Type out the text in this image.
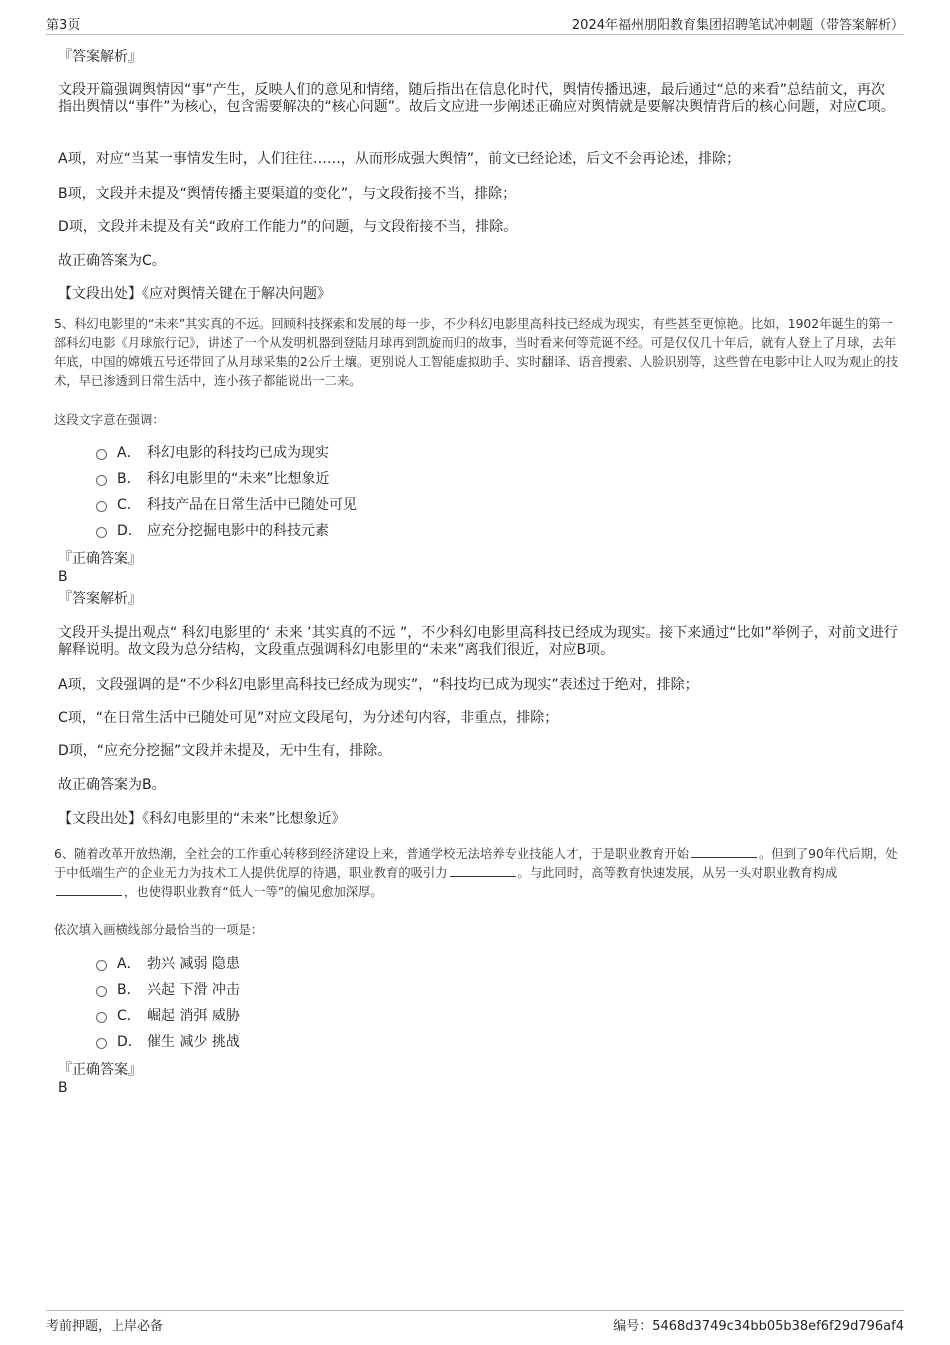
第3页	2024年福州朋阳教育集团招聘笔试冲刺题（带答案解析）
『答案解析』
文段开篇强调舆情因“事”产生，反映人们的意见和情绪，随后指出在信息化时代，舆情传播迅速，最后通过“总的来看”总结前文，再次指出舆情以“事件”为核心，包含需要解决的“核心问题”。故后文应进一步阐述正确应对舆情就是要解决舆情背后的核心问题，对应C项。
A项，对应“当某一事情发生时，人们往往……，从而形成强大舆情”，前文已经论述，后文不会再论述，排除；
B项，文段并未提及“舆情传播主要渠道的变化”，与文段衔接不当，排除；
D项，文段并未提及有关“政府工作能力”的问题，与文段衔接不当，排除。
故正确答案为C。
【文段出处】《应对舆情关键在于解决问题》
5、科幻电影里的“未来”其实真的不远。回顾科技探索和发展的每一步，不少科幻电影里高科技已经成为现实，有些甚至更惊艳。比如，1902年诞生的第一部科幻电影《月球旅行记》，讲述了一个从发明机器到登陆月球再到凯旋而归的故事，当时看来何等荒诞不经。可是仅仅几十年后，就有人登上了月球，去年年底，中国的嫦娥五号还带回了从月球采集的2公斤土壤。更别说人工智能虚拟助手、实时翻译、语音搜索、人脸识别等，这些曾在电影中让人叹为观止的技术，早已渗透到日常生活中，连小孩子都能说出一二来。
这段文字意在强调：
A． 科幻电影的科技均已成为现实
B． 科幻电影里的“未来”比想象近
C． 科技产品在日常生活中已随处可见
D． 应充分挖掘电影中的科技元素
『正确答案』
B
『答案解析』
文段开头提出观点“ 科幻电影里的‘ 未来 ’其实真的不远 ”，不少科幻电影里高科技已经成为现实。接下来通过“比如”举例子，对前文进行解释说明。故文段为总分结构，文段重点强调科幻电影里的“未来”离我们很近，对应B项。
A项，文段强调的是“不少科幻电影里高科技已经成为现实”，“科技均已成为现实”表述过于绝对，排除；
C项，“在日常生活中已随处可见”对应文段尾句，为分述句内容，非重点，排除；
D项，“应充分挖掘”文段并未提及，无中生有，排除。
故正确答案为B。
【文段出处】《科幻电影里的“未来”比想象近》
6、随着改革开放热潮，全社会的工作重心转移到经济建设上来，普通学校无法培养专业技能人才，于是职业教育开始	。但到了90年代后期，处于中低端生产的企业无力为技术工人提供优厚的待遇，职业教育的吸引力	。与此同时，高等教育快速发展，从另一头对职业教育构成，也使得职业教育“低人一等”的偏见愈加深厚。
依次填入画横线部分最恰当的一项是：
A． 勃兴 减弱 隐患
B． 兴起 下滑 冲击
C． 崛起 消弭 威胁
D． 催生 减少 挑战
『正确答案』
B
考前押题，上岸必备	编号：5468d3749c34bb05b38ef6f29d796af4
